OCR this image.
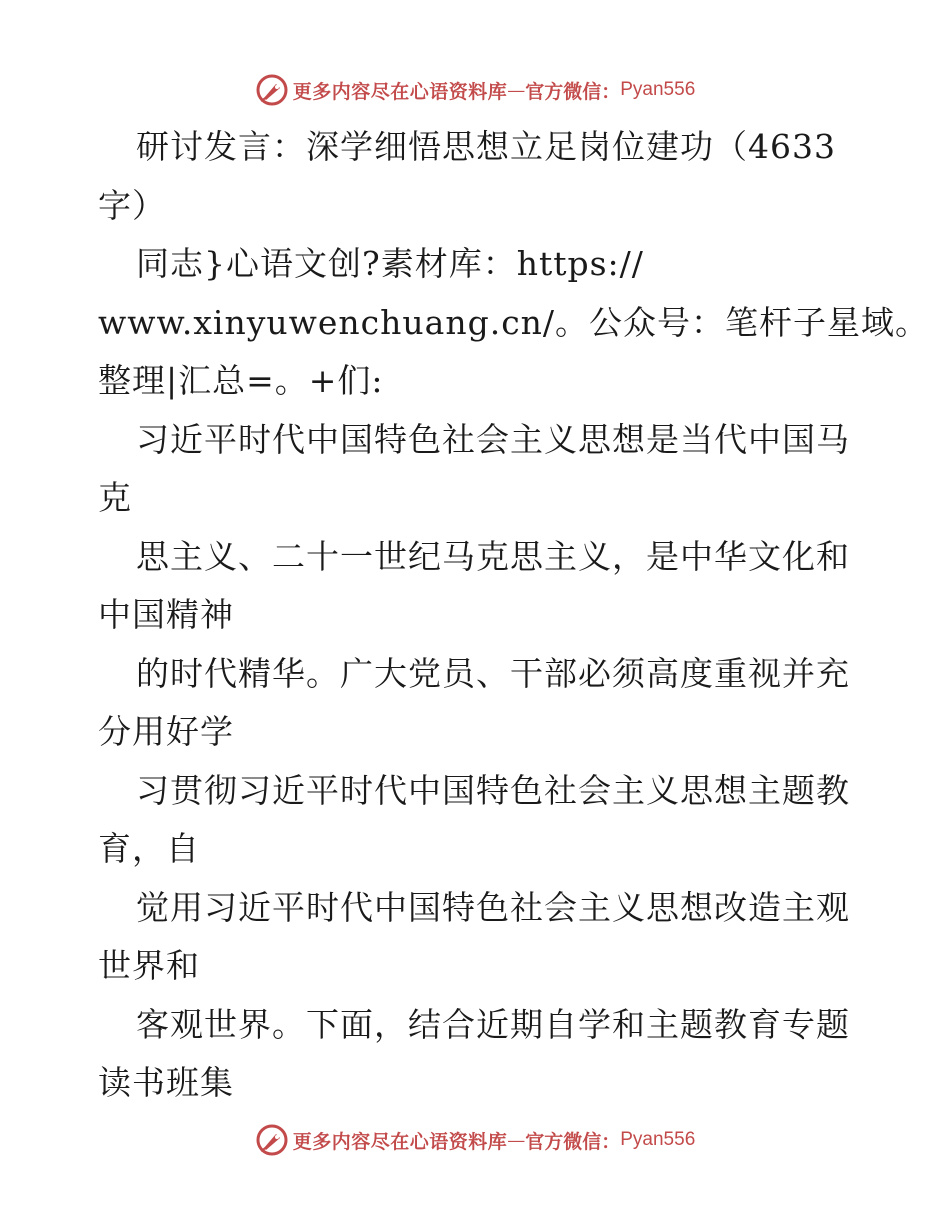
更多内容尽在心语资料库 — 官方微信： Pyan556
研讨发言：深学细悟思想立足岗位建功（4633
字）
同志}心语文创?素材库：https://
www.xinyuwenchuang.cn/。公众号：笔杆子星域。
整理|汇总=。+们:
习近平时代中国特色社会主义思想是当代中国马
克
思主义、二十一世纪马克思主义，是中华文化和
中国精神
的时代精华。广大党员、干部必须高度重视并充
分用好学
习贯彻习近平时代中国特色社会主义思想主题教
育，自
觉用习近平时代中国特色社会主义思想改造主观
世界和
客观世界。下面，结合近期自学和主题教育专题
读书班集
更多内容尽在心语资料库 — 官方微信： Pyan556
